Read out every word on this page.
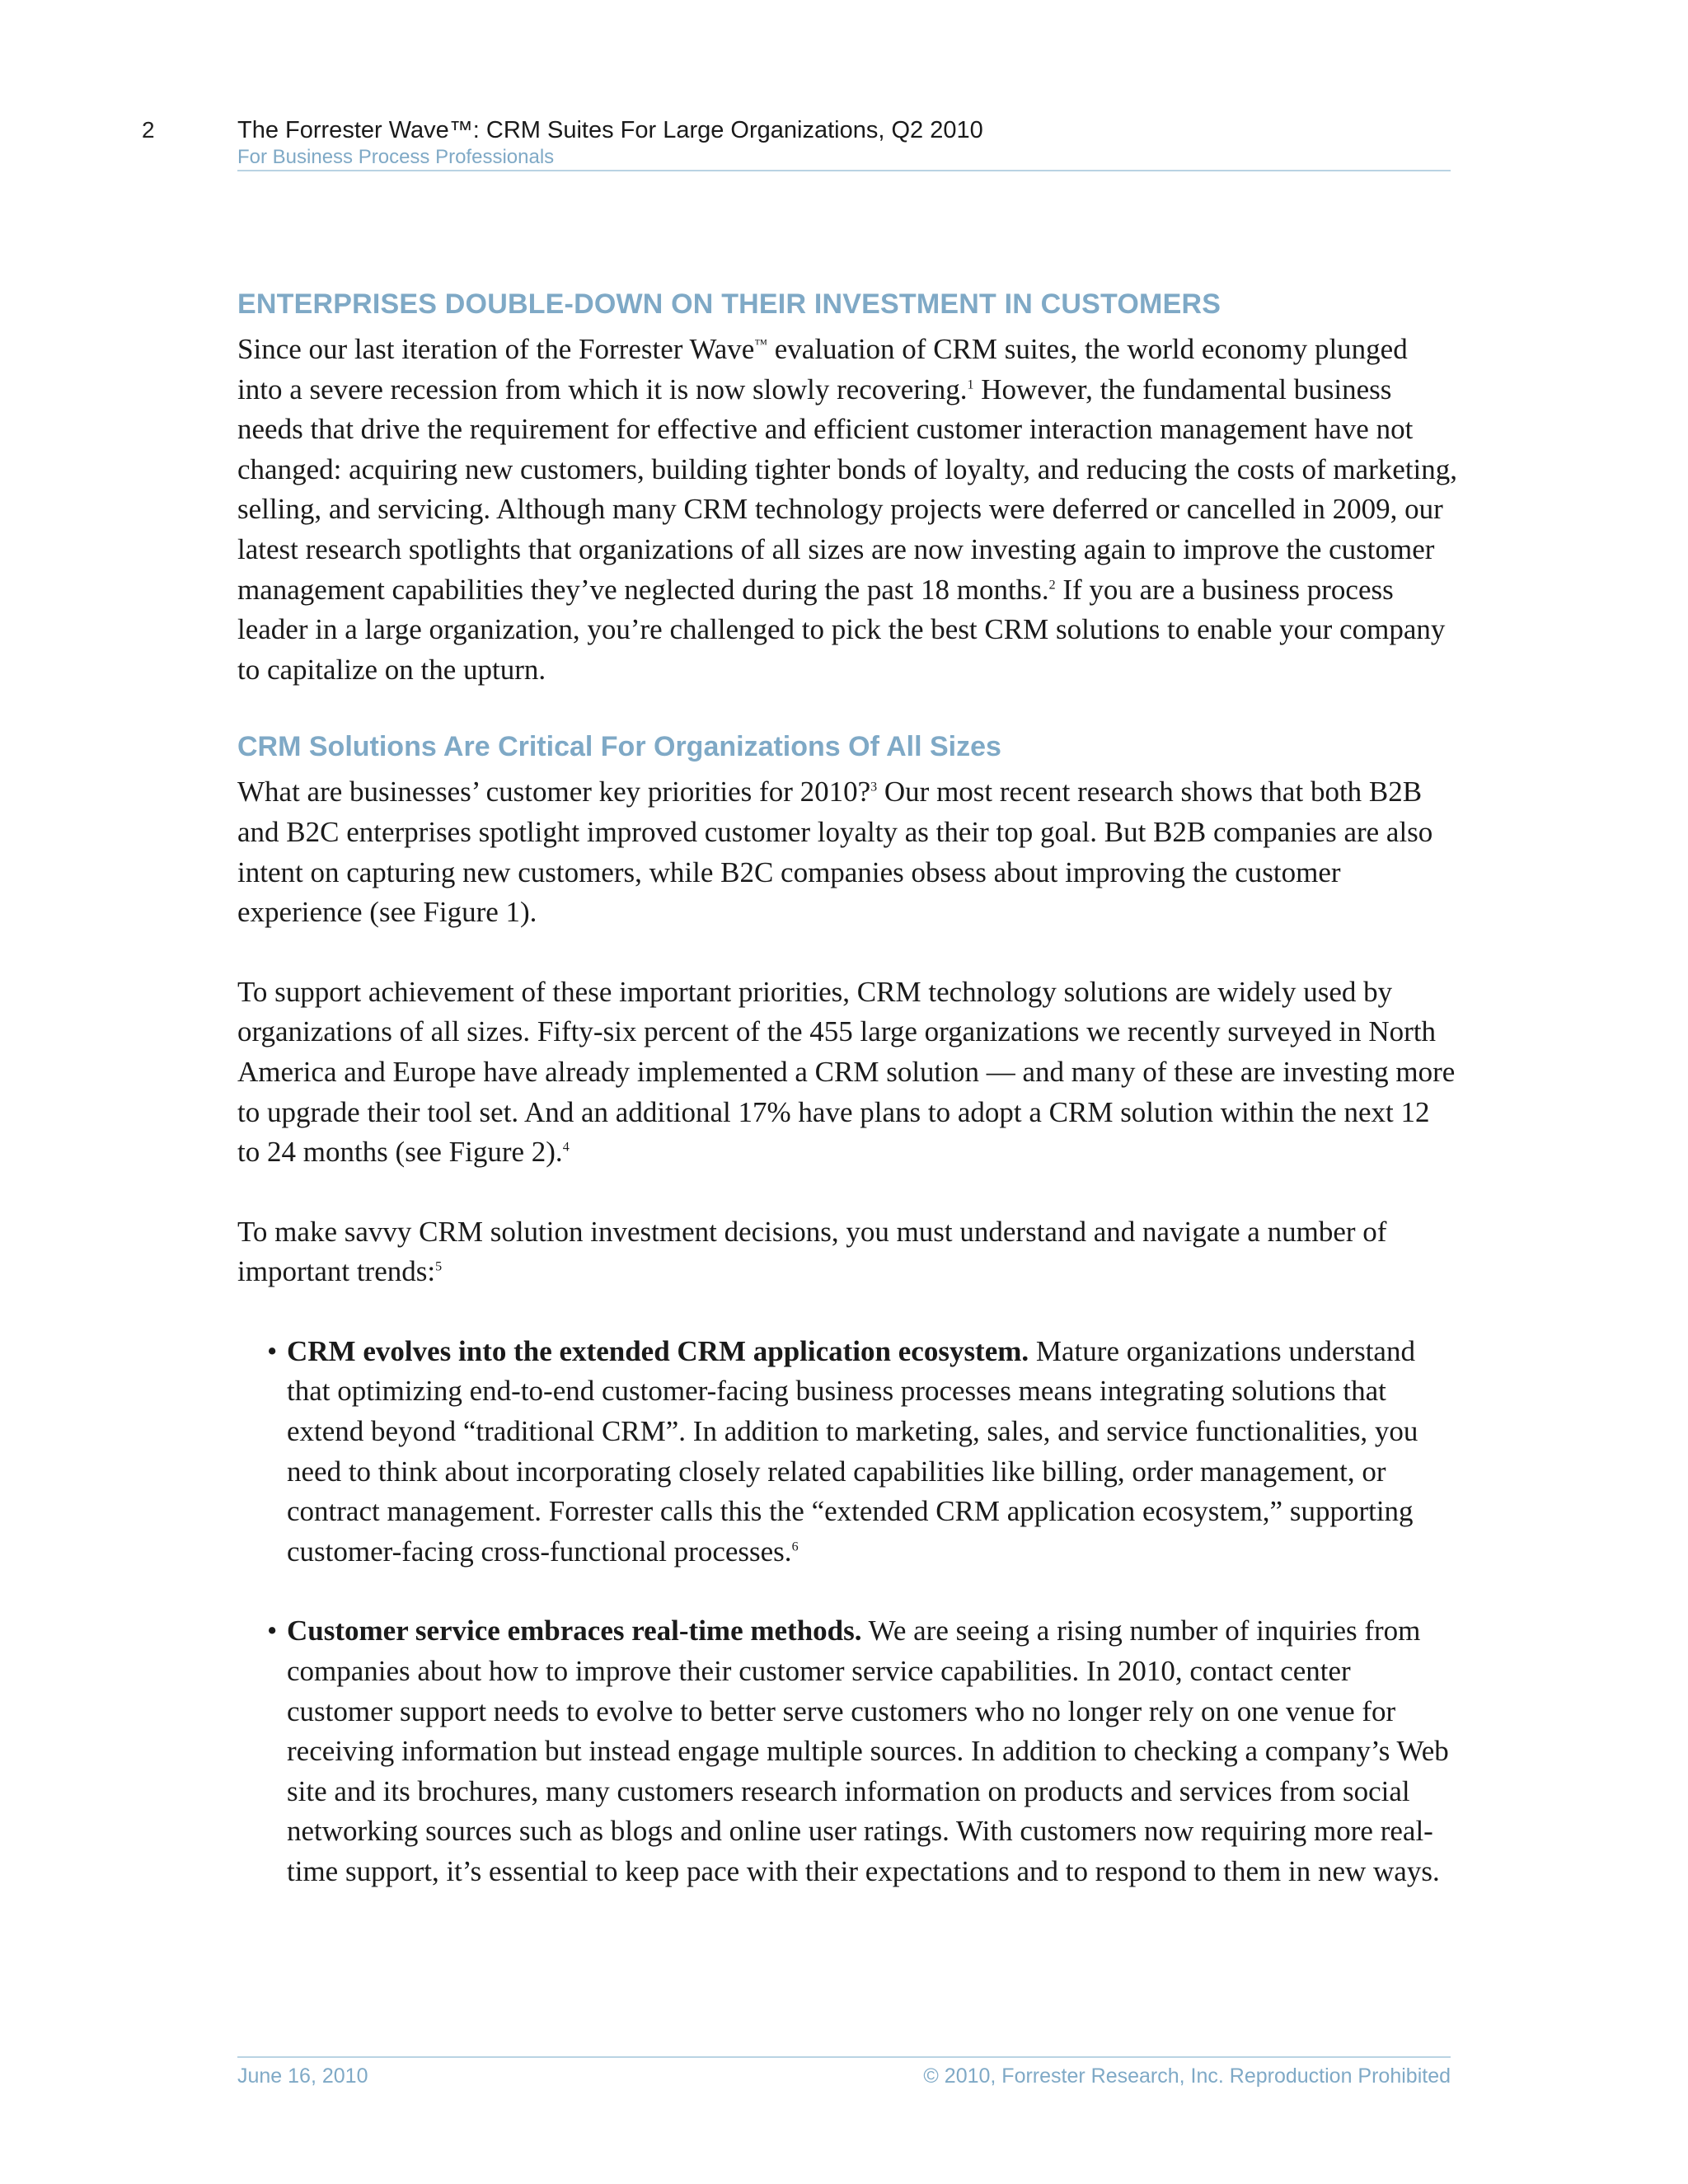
2	The Forrester Wave™: CRM Suites For Large Organizations, Q2 2010
For Business Process Professionals
ENTERPRISES DOUBLE-DOWN ON THEIR INVESTMENT IN CUSTOMERS

Since our last iteration of the Forrester Wave™ evaluation of CRM suites, the world economy plunged into a severe recession from which it is now slowly recovering.$^1$ However, the fundamental business needs that drive the requirement for effective and efficient customer interaction management have not changed: acquiring new customers, building tighter bonds of loyalty, and reducing the costs of marketing, selling, and servicing. Although many CRM technology projects were deferred or cancelled in 2009, our latest research spotlights that organizations of all sizes are now investing again to improve the customer management capabilities they’ve neglected during the past 18 months.$^2$ If you are a business process leader in a large organization, you’re challenged to pick the best CRM solutions to enable your company to capitalize on the upturn.

CRM Solutions Are Critical For Organizations Of All Sizes

What are businesses’ customer key priorities for 2010?$^3$ Our most recent research shows that both B2B and B2C enterprises spotlight improved customer loyalty as their top goal. But B2B companies are also intent on capturing new customers, while B2C companies obsess about improving the customer experience (see Figure 1).

To support achievement of these important priorities, CRM technology solutions are widely used by organizations of all sizes. Fifty-six percent of the 455 large organizations we recently surveyed in North America and Europe have already implemented a CRM solution — and many of these are investing more to upgrade their tool set. And an additional 17% have plans to adopt a CRM solution within the next 12 to 24 months (see Figure 2).$^4$

To make savvy CRM solution investment decisions, you must understand and navigate a number of important trends:$^5$

• CRM evolves into the extended CRM application ecosystem. Mature organizations understand that optimizing end-to-end customer-facing business processes means integrating solutions that extend beyond “traditional CRM”. In addition to marketing, sales, and service functionalities, you need to think about incorporating closely related capabilities like billing, order management, or contract management. Forrester calls this the “extended CRM application ecosystem,” supporting customer-facing cross-functional processes.$^6$
• Customer service embraces real-time methods. We are seeing a rising number of inquiries from companies about how to improve their customer service capabilities. In 2010, contact center customer support needs to evolve to better serve customers who no longer rely on one venue for receiving information but instead engage multiple sources. In addition to checking a company’s Web site and its brochures, many customers research information on products and services from social networking sources such as blogs and online user ratings. With customers now requiring more real-time support, it’s essential to keep pace with their expectations and to respond to them in new ways.
June 16, 2010	© 2010, Forrester Research, Inc. Reproduction Prohibited
